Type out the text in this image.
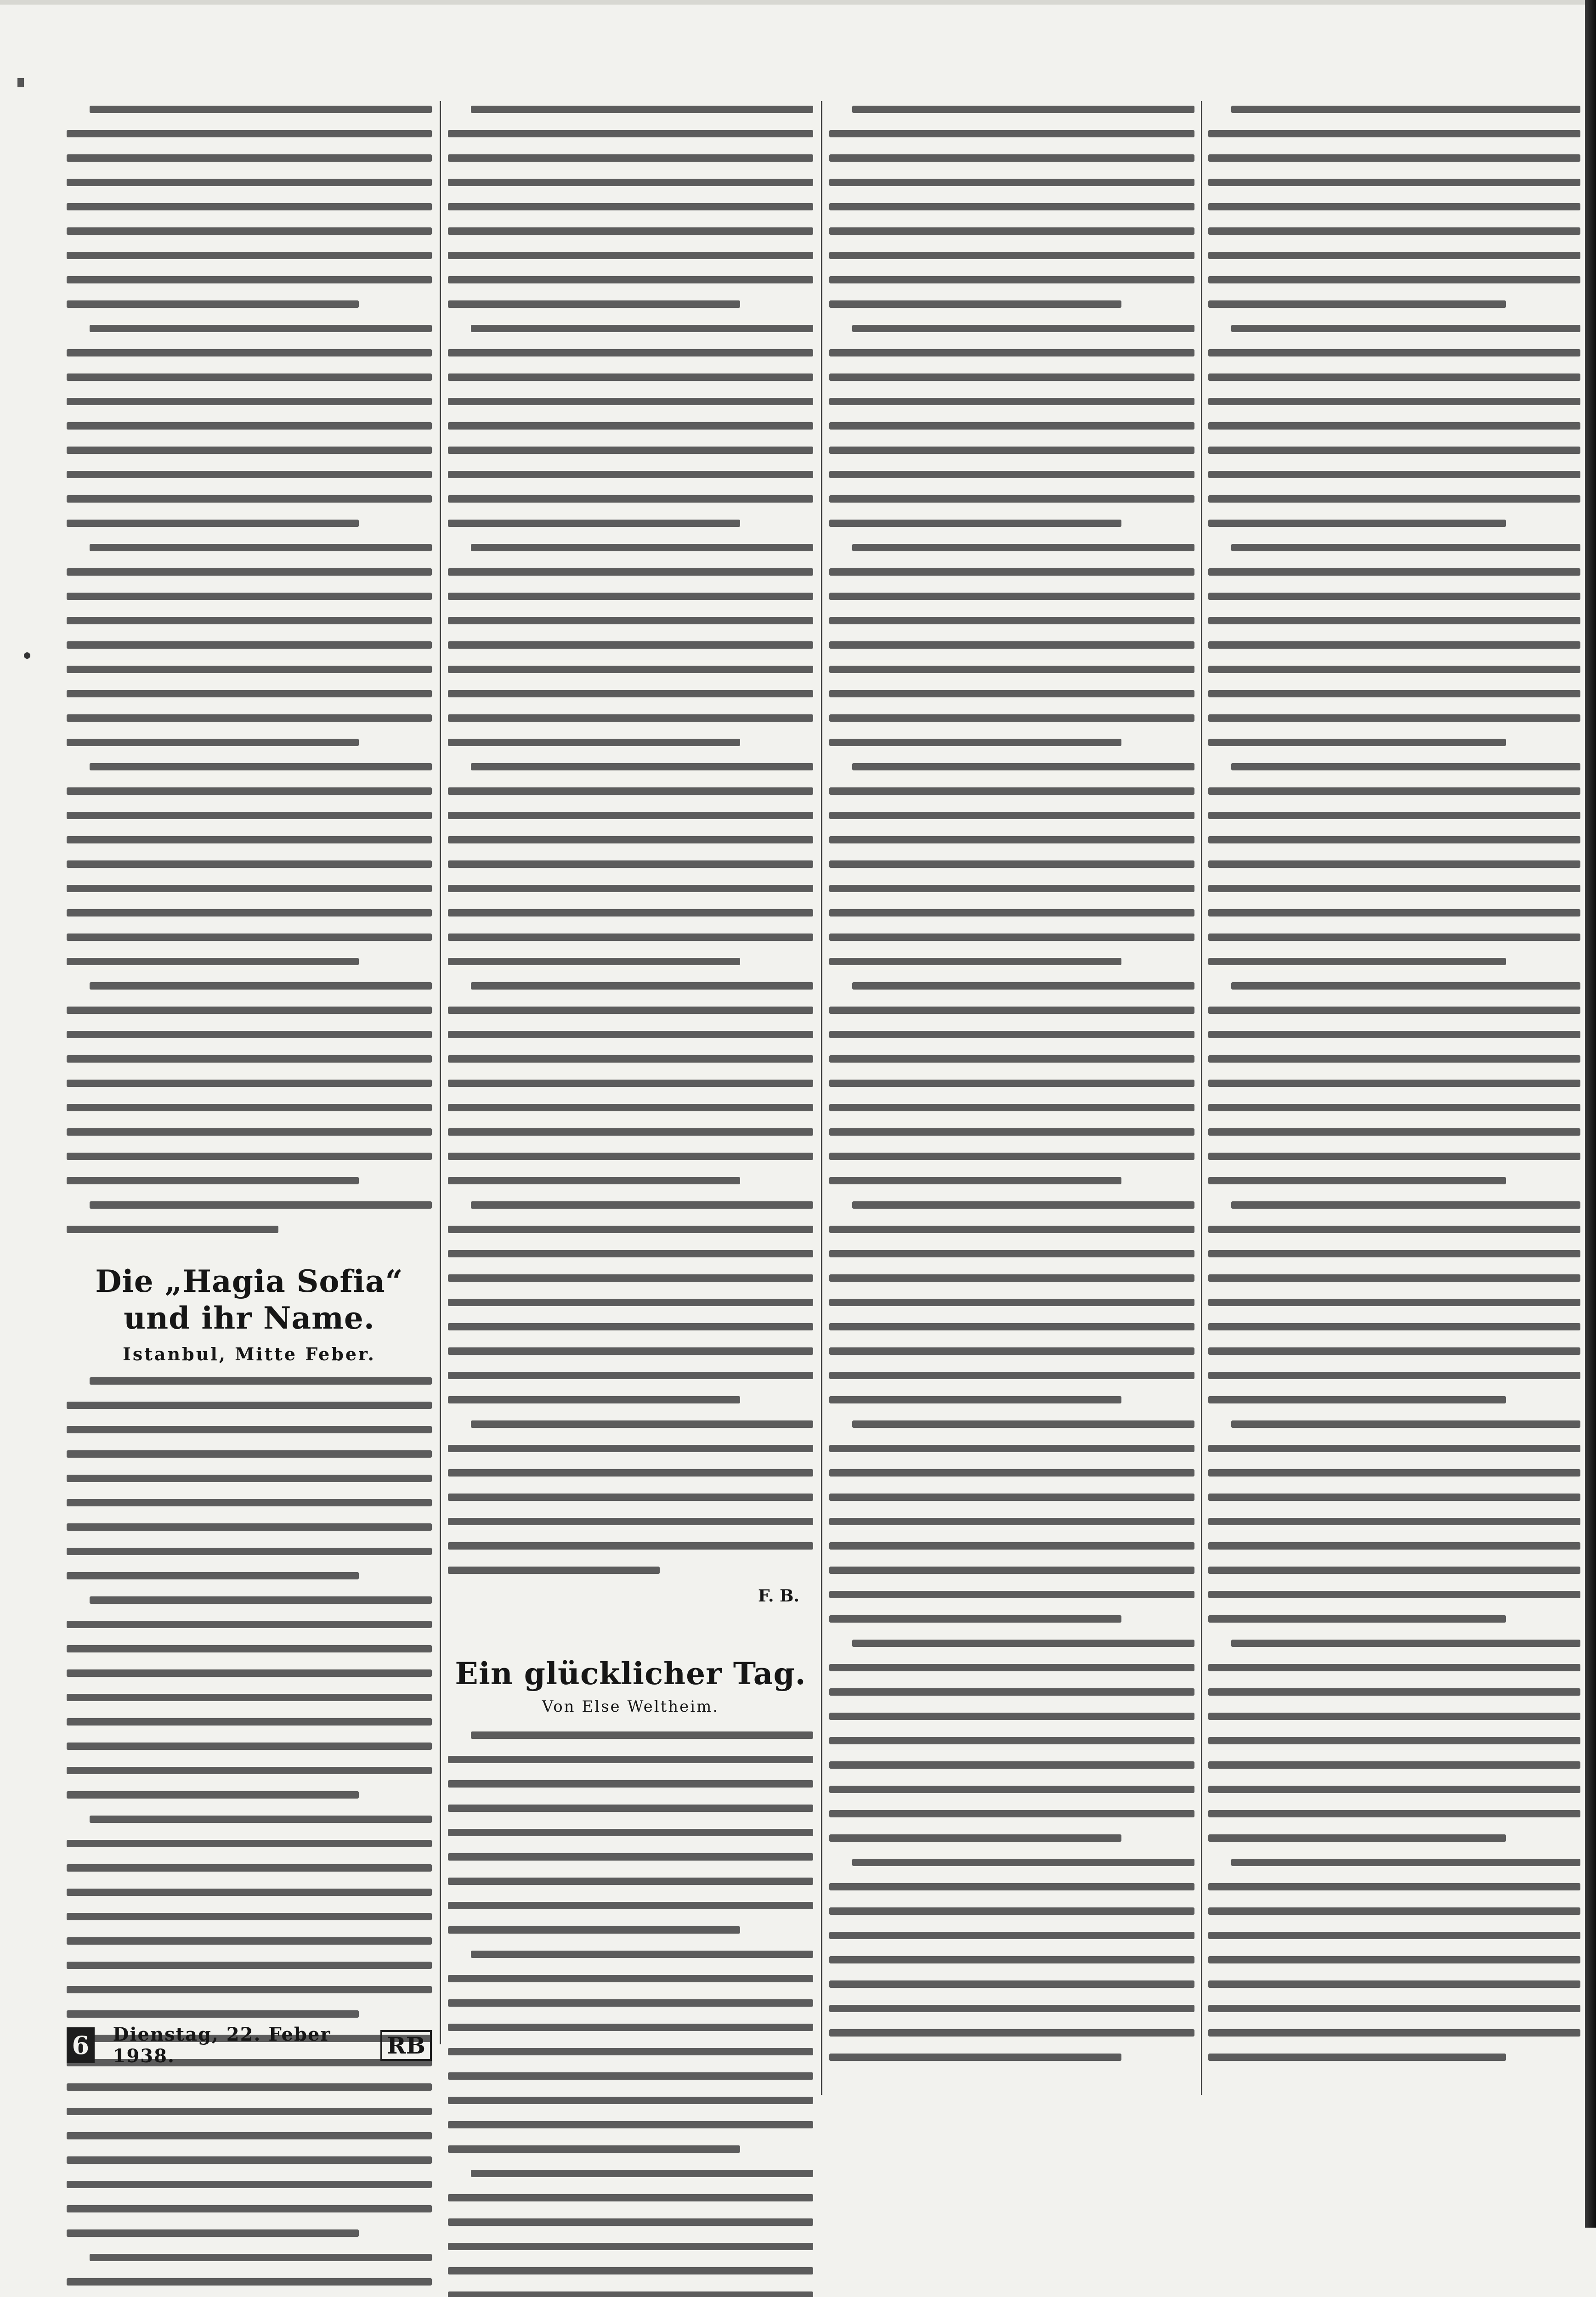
Die „Hagia Sofia“ und ihr Name.
Istanbul, Mitte Feber.
F. B.
Ein glücklicher Tag.
Von Else Weltheim.
6 Dienstag, 22. Feber 1938.	RB
